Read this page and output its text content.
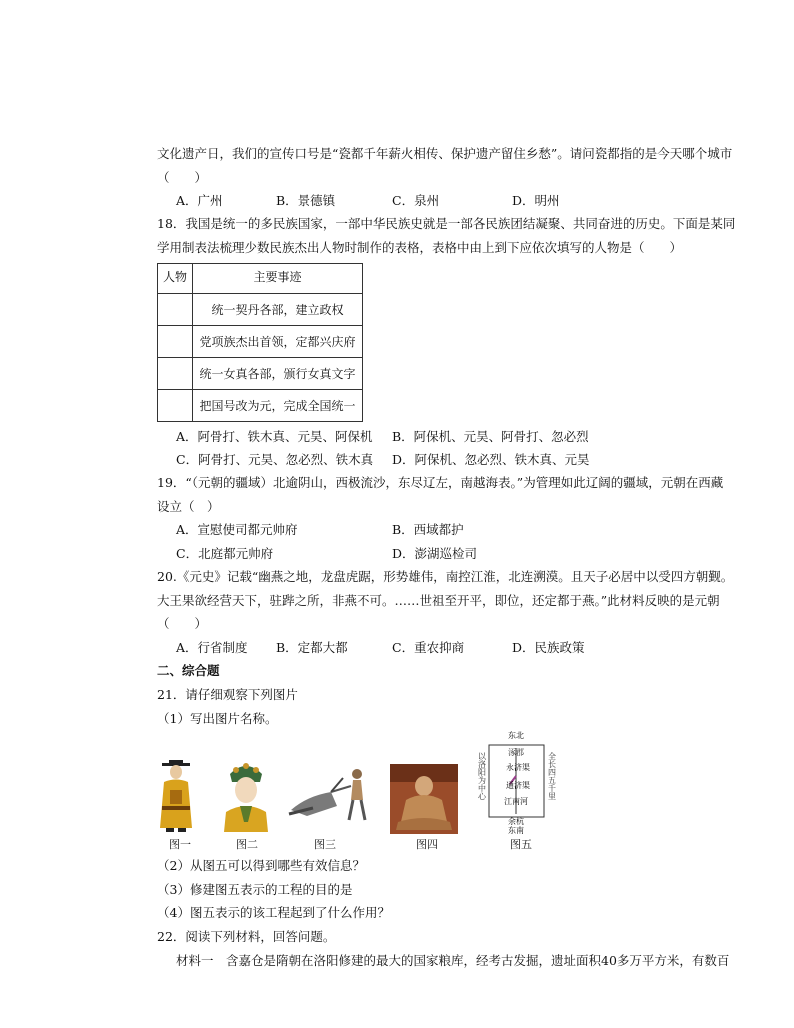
文化遗产日，我们的宣传口号是“瓷都千年薪火相传、保护遗产留住乡愁”。请问瓷都指的是今天哪个城市
（　　）
A．广州	B．景德镇	C．泉州	D．明州
18．我国是统一的多民族国家，一部中华民族史就是一部各民族团结凝聚、共同奋进的历史。下面是某同
学用制表法梳理少数民族杰出人物时制作的表格，表格中由上到下应依次填写的人物是（　　）
人物	主要事迹
	统一契丹各部，建立政权
	党项族杰出首领，定都兴庆府
	统一女真各部，颁行女真文字
	把国号改为元，完成全国统一
A．阿骨打、铁木真、元昊、阿保机 B．阿保机、元昊、阿骨打、忽必烈
C．阿骨打、元昊、忽必烈、铁木真 D．阿保机、忽必烈、铁木真、元昊
19．“（元朝的疆域）北逾阴山，西极流沙，东尽辽左，南越海表。”为管理如此辽阔的疆域，元朝在西藏
设立（　）
A．宣慰使司都元帅府	B．西域都护
C．北庭都元帅府	D．澎湖巡检司
20.《元史》记载“幽燕之地，龙盘虎踞，形势雄伟，南控江淮，北连溯漠。且天子必居中以受四方朝觐。
大王果欲经营天下，驻跸之所，非燕不可。……世祖至开平，即位，还定都于燕。”此材料反映的是元朝
（　　）
A．行省制度 B．定都大都	C．重农抑商	D．民族政策
二、综合题
21．请仔细观察下列图片
（1）写出图片名称。
图一	图二	图三	图四
东北
涿郡
永济渠
通济渠
江南河
余杭
东南
以洛阳为中心	全长四五千里
图五
（2）从图五可以得到哪些有效信息？
（3）修建图五表示的工程的目的是
（4）图五表示的该工程起到了什么作用？
22．阅读下列材料，回答问题。
材料一　含嘉仓是隋朝在洛阳修建的最大的国家粮库，经考古发掘，遗址面积40多万平方米，有数百
